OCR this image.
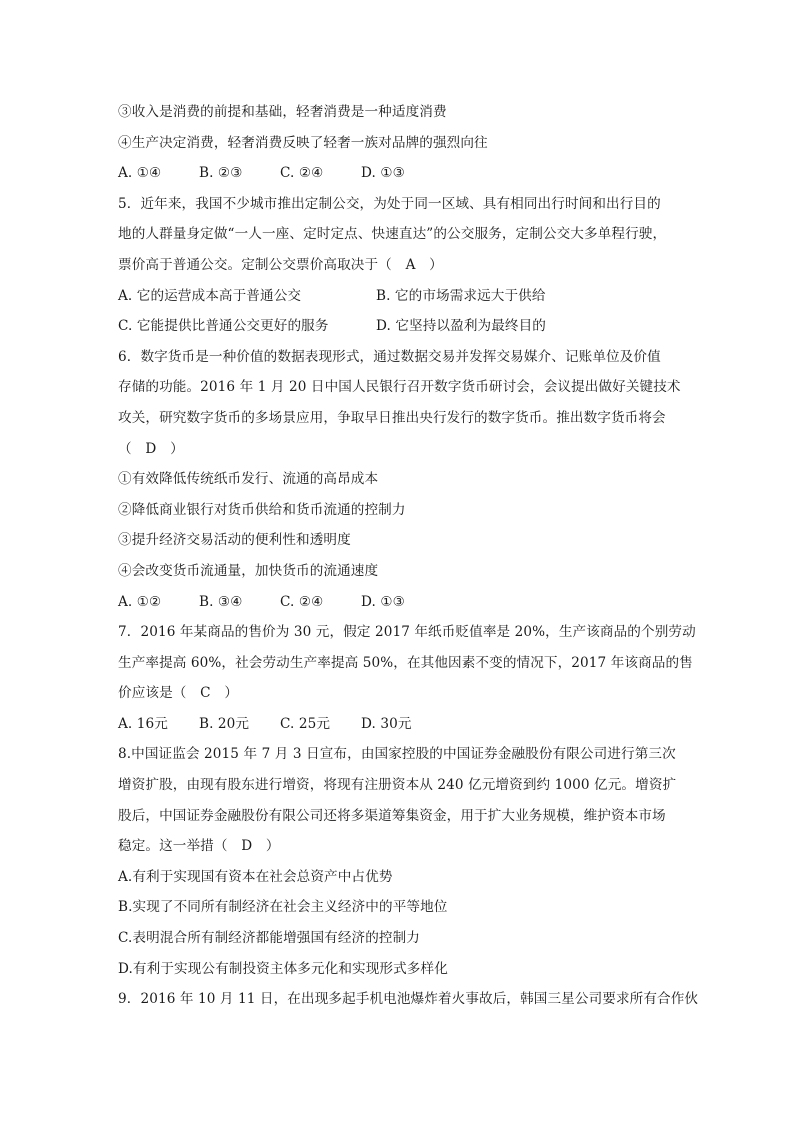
③收入是消费的前提和基础，轻奢消费是一种适度消费
④生产决定消费，轻奢消费反映了轻奢一族对品牌的强烈向往
A. ①④	B. ②③	C. ②④	D. ①③
5．近年来，我国不少城市推出定制公交，为处于同一区域、具有相同出行时间和出行目的
地的人群量身定做“一人一座、定时定点、快速直达”的公交服务，定制公交大多单程行驶，
票价高于普通公交。定制公交票价高取决于（　A　）
A. 它的运营成本高于普通公交	B. 它的市场需求远大于供给
C. 它能提供比普通公交更好的服务	D. 它坚持以盈利为最终目的
6．数字货币是一种价值的数据表现形式，通过数据交易并发挥交易媒介、记账单位及价值
存储的功能。2016 年 1 月 20 日中国人民银行召开数字货币研讨会，会议提出做好关键技术
攻关，研究数字货币的多场景应用，争取早日推出央行发行的数字货币。推出数字货币将会
（　D　）
①有效降低传统纸币发行、流通的高昂成本
②降低商业银行对货币供给和货币流通的控制力
③提升经济交易活动的便利性和透明度
④会改变货币流通量，加快货币的流通速度
A. ①②	B. ③④	C. ②④	D. ①③
7．2016 年某商品的售价为 30 元，假定 2017 年纸币贬值率是 20%，生产该商品的个别劳动
生产率提高 60%，社会劳动生产率提高 50%，在其他因素不变的情况下，2017 年该商品的售
价应该是（　C　）
A. 16元	B. 20元	C. 25元	D. 30元
8.中国证监会 2015 年 7 月 3 日宣布，由国家控股的中国证券金融股份有限公司进行第三次
增资扩股，由现有股东进行增资，将现有注册资本从 240 亿元增资到约 1000 亿元。增资扩
股后，中国证券金融股份有限公司还将多渠道筹集资金，用于扩大业务规模，维护资本市场
稳定。这一举措（　D　）
A.有利于实现国有资本在社会总资产中占优势
B.实现了不同所有制经济在社会主义经济中的平等地位
C.表明混合所有制经济都能增强国有经济的控制力
D.有利于实现公有制投资主体多元化和实现形式多样化
9．2016 年 10 月 11 日，在出现多起手机电池爆炸着火事故后，韩国三星公司要求所有合作伙
